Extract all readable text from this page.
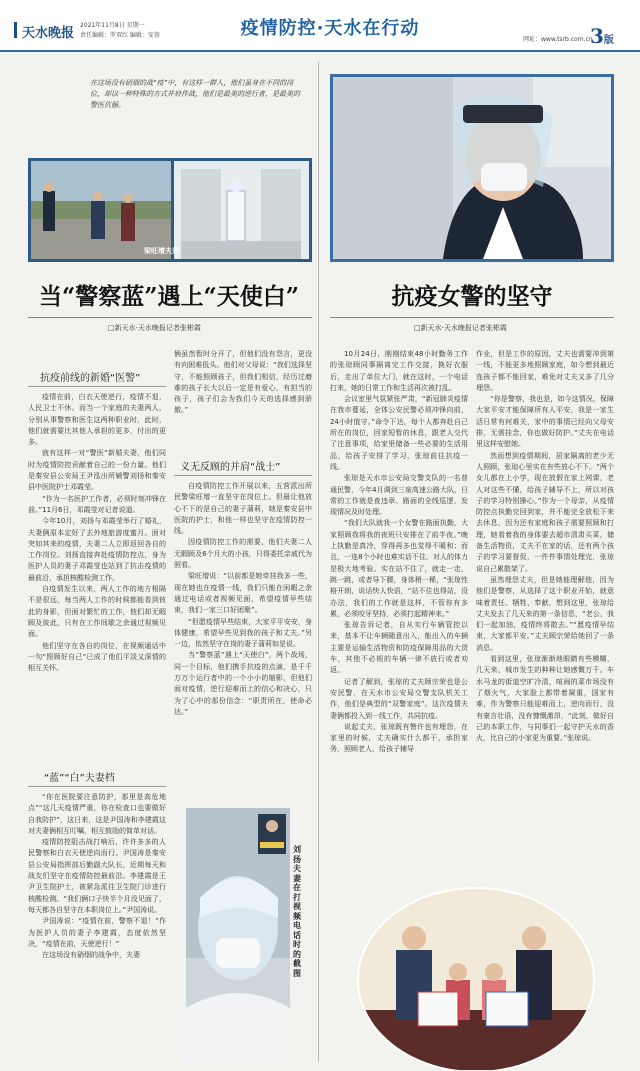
天水晚报
2021年11月8日 星期一
责任编辑：罗双红 编辑：安蓉	疫情防控·天水在行动
网址：www.tsrb.com.cn
3版
在这场没有硝烟的战“疫”中，有这样一群人，他们虽身在不同的岗位，却以一种特殊的方式并肩作战，他们是最美的逆行者，是最美的警医伉俪。
梁旺增夫妻
当“警察蓝”遇上“天使白”
□新天水·天水晚报记者张彬霞
抗疫女警的坚守
□新天水·天水晚报记者张彬霞
抗疫前线的新婚“医警”

疫情在前，白衣天使逆行，疫情不退，人民卫士不休。而当一个家庭的夫妻两人，分别从事警察和医生这两种职业时，此时，他们就需要比其他人承担的更多，付出的更多。

就有这样一对“警医”新婚夫妻，他们同时为疫情防控贡献着自己的一份力量。他们是秦安县公安局王尹泓出所辅警刘扬和秦安县中医院护士邓霞莹。

“作为一名医护工作者，必须时刻冲锋在前。”11月6日，邓霞莹对记者说道。

今年10月，刘扬与邓霞莹举行了婚礼，夫妻俩原本定好了去外地旅游度蜜月。面对突如其来的疫情，夫妻二人立即返回各自的工作岗位。刘扬直接奔赴疫情防控点，身为医护人员的妻子邓霞莹也站到了抗击疫情的最前沿，承担核酸检测工作。

自疫情发生以来，两人工作的地方相隔不是很远，每当两人工作的时候都能看到彼此的身影，但面对繁忙的工作，他们却无暇顾及彼此，只有在工作间歇之余通过视频见面。

他们坚守在各自的岗位，在视频通话中一句“照顾好自己”已成了他们平淡又深情的相互关怀。

“蓝”“白”夫妻档

“你在医院要注意防护，那里是高危地点”“这几天疫情严重，你在检查口也要做好自我防护”，这日来，这是尹国涛和李建霞这对夫妻俩相互叮嘱，相互鼓励的简单对话。

疫情防控阻击战打响后，许许多多的人民警察和白衣天使逆向而行。尹国涛是秦安县公安局指挥部后勤副大队长，近期每天和战友们坚守在疫情防控最前沿。李建霞是王尹卫生院护士，被紧急派往卫生院门诊进行核酸检测。“我们俩口子快半个月没见面了，每天都各自坚守在本职岗位上。”尹国涛说。

尹国涛说：“疫情在前，警察不退！”作为医护人员的妻子李建霞，态度依然坚决，“疫情在前，天使逆行！”

在这场没有硝烟的战争中，夫妻

俩虽然暂时分开了，但他们没有怨言，更没有向困难低头。他们对父母说：“我们选择坚守，不能照顾孩子，但我们相信，经历过磨难的孩子长大以后一定是有爱心，有担当的孩子，孩子们会为我们今天的选择感到骄傲。”

义无反顾的并肩“战士”

自疫情防控工作开展以来，五营派出所民警梁旺增一直坚守在岗位上。但最让他放心不下的是自己的妻子蒲莉，她是秦安县中医院的护士，和他一样也坚守在疫情防控一线。

因疫情防控工作的需要，他们夫妻二人无暇顾及6个月大的小孩，只得委托亲戚代为照看。

梁旺增说：“以前都是她牵挂我多一些，现在她也在疫情一线，我们只能在闲暇之余通过电话或者视频见面，希望疫情早些结束，我们一家三口好团聚”。

“但愿疫情早些结束，大家平平安安，身体健康，希望早些见到我的孩子和丈夫。”另一边，依然坚守在岗的妻子蒲莉如是说。

当“警察蓝”遇上“天使白”，两个战场，同一个目标，他们携手抗疫的点滴，是千千万万个运行者中的一个小小的缩影，但他们面对疫情，逆行迎难而上的信心和决心，只为了心中的那份信念：“职责所在，使命必达。”

刘扬夫妻在打视频电话时的截图

10月24日，刚刚结束48小时勤务工作的张琼顾同事隔离完工作交接，换好衣服后，走出了单位大门，就在这时，一个电话打来，她的日常工作和生活再次被打乱。

会议室里气氛紧张严肃，“新冠肺炎疫情在我市蔓延，全体公安民警必须冲锋向前，24小时值守。”命令下达，每个人都奔赴自己所在的岗位，回家短暂的休息，跟老人交代了注意事项，给家里储备一些必要的生活用品，给孩子安排了学习，张琼前往抗疫一线。

张琼是天水市公安局交警支队的一名普通民警，今年4月调到三泉高速公路大队，日常的工作就是查违章、路面的全线巡逻，发现情况及时处理。

“我们大队就我一个女警在路面执勤，大家照顾我将我的夜班只安排在了前半夜。”晚上执勤是真冷，穿得再多也觉得不暖和；而且，一连8个小时也难实话不住，对人的体力是极大地考验。实在站不住了，就走一走，跳一跳，或者导下腰，身体稍一稀，“张琼性格开朗，说话快人快语，“站不住也得站，没办法，我们的工作就是这样，不管你有多累，必须咬牙坚持，必须打起精神来。”

张琼告诉记者，自从实行车辆管控以来，基本不让车辆随意出入，能出入的车辆主要是运输生活物资和防疫保障用品的大货车，其他不必规的车辆一律不放行或者劝返。

记者了解到，张琼的丈夫顾宗荣也是公安民警，在天水市公安局交警支队机关工作，他们是典型的“双警家庭”。这次疫情夫妻俩都投入到一线工作，共同抗疫。

说起丈夫，张琼既有赞许也有埋怨，在家里的时候，丈夫确实什么都干，承担家务，照顾老人，给孩子辅导

作业，但是工作的原因，丈夫也需要冲到第一线，不能更多地照顾家庭，如今想到最近连孩子都不能回家，难免对丈夫又多了几分埋怨。

“你是警察，我也是，如今这情况，保障大家平安才能保障所有人平安，我是一家生活日常有何难关，家中的事情已经向父母安排，无需挂念，你也做好防护。”丈夫在电话里这样安慰她。

然而想到疫情期间，居家隔离的老少无人照顾，张琼心里实在有些放心不下。“两个女儿都在上小学，现在放假在家上网课，老人对这些不懂，给孩子辅导不上，所以对孩子的学习特别操心。”作为一个母亲，从疫情防控点执勤完回到家，并不能完全放松下来去休息，因为还有家庭和孩子需要照顾和打理，她看着我的身体要去超市清肃买菜，储备生活物资，丈夫不在家的话，还有两个孩子的学习要督促，一件件事情处理完，张琼说自己累散架了。

虽然埋怨丈夫，但是她能理解他，因为他们是警察，从选择了这个职业开始，就意味着责任、牺牲、奉献，想到这里，张琼给丈夫发去了几天来的第一条信息，“老公，我们一起加油，疫情终将散去。”“愿疫情早结束，大家都平安。”丈夫顾宗荣给她回了一条消息。

看到这里，张琼渐渐地眼睛有些模糊，几天来，城市发生的种种让她感慨万千。车水马龙的街道空旷冷清，喧闹的菜市场没有了烟火气，大家脸上都带着凝重，国家有难，作为警察只能迎难而上，逆向而行，没有豪言壮语，没有慷慨激昂，“此刻，做好自己的本职工作，与同事们一起守护天水的香火，比自己的小家更为重要。”张琼说。
